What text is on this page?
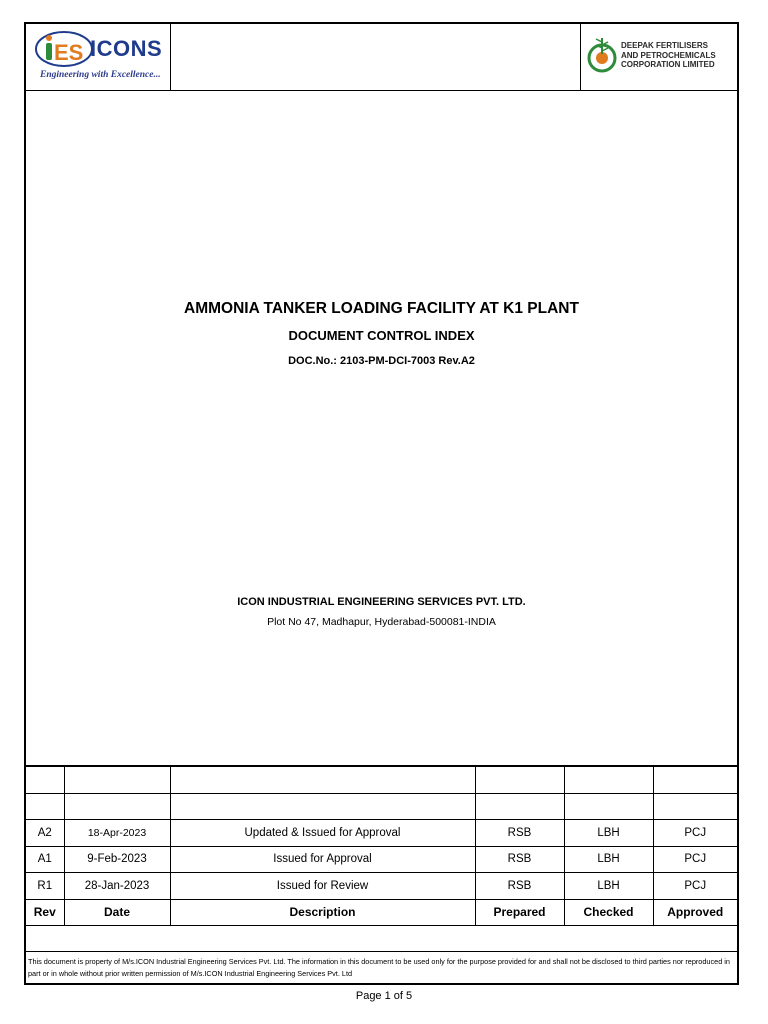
ES ICONS
Engineering with Excellence...
DEEPAK FERTILISERS
AND PETROCHEMICALS
CORPORATION LIMITED
AMMONIA TANKER LOADING FACILITY AT K1 PLANT
DOCUMENT CONTROL INDEX
DOC.No.: 2103-PM-DCI-7003 Rev.A2
ICON INDUSTRIAL ENGINEERING SERVICES PVT. LTD.
Plot No 47, Madhapur, Hyderabad-500081-INDIA

A2	18-Apr-2023	Updated & Issued for Approval	RSB	LBH	PCJ
A1	9-Feb-2023	Issued for Approval	RSB	LBH	PCJ
R1	28-Jan-2023	Issued for Review	RSB	LBH	PCJ
Rev	Date	Description	Prepared	Checked	Approved
This document is property of M/s.ICON Industrial Engineering Services Pvt. Ltd. The information in this document to be used only for the purpose provided for and shall not be disclosed to third parties nor reproduced in part or in whole without prior written permission of M/s.ICON Industrial Engineering Services Pvt. Ltd
Page 1 of 5
